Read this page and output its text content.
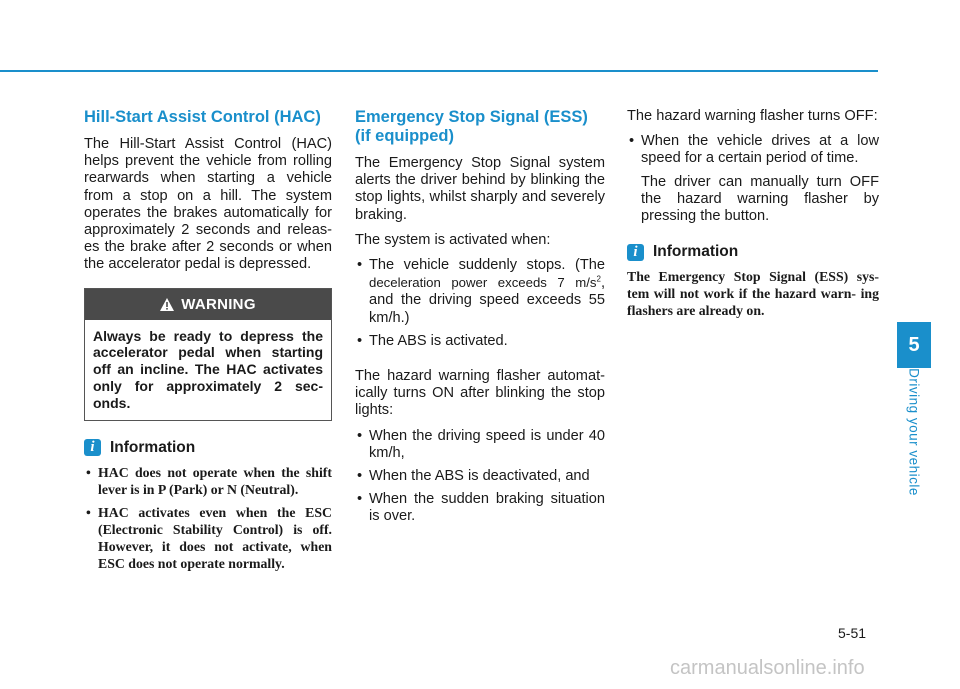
Hill-Start Assist Control (HAC)

The Hill-Start Assist Control (HAC) helps prevent the vehicle from rolling rearwards when starting a vehicle from a stop on a hill. The system operates the brakes automatically for approximately 2 seconds and releas- es the brake after 2 seconds or when the accelerator pedal is depressed.

WARNING
Always be ready to depress the accelerator pedal when starting off an incline. The HAC activates only for approximately 2 sec- onds.
i Information
• HAC does not operate when the shift lever is in P (Park) or N (Neutral).
• HAC activates even when the ESC (Electronic Stability Control) is off. However, it does not activate, when ESC does not operate normally.
Emergency Stop Signal (ESS) (if equipped)

The Emergency Stop Signal system alerts the driver behind by blinking the stop lights, whilst sharply and severely braking.

The system is activated when:

• The vehicle suddenly stops. (The deceleration power exceeds 7 $m/s^2$, and the driving speed exceeds 55 km/h.)
• The ABS is activated.

The hazard warning flasher automat- ically turns ON after blinking the stop lights:

• When the driving speed is under 40 km/h,
• When the ABS is deactivated, and
• When the sudden braking situation is over.

The hazard warning flasher turns OFF:

• When the vehicle drives at a low speed for a certain period of time.
The driver can manually turn OFF the hazard warning flasher by pressing the button.
i Information

The Emergency Stop Signal (ESS) sys- tem will not work if the hazard warn- ing flashers are already on.

5
Driving your vehicle
5-51
carmanualsonline.info
